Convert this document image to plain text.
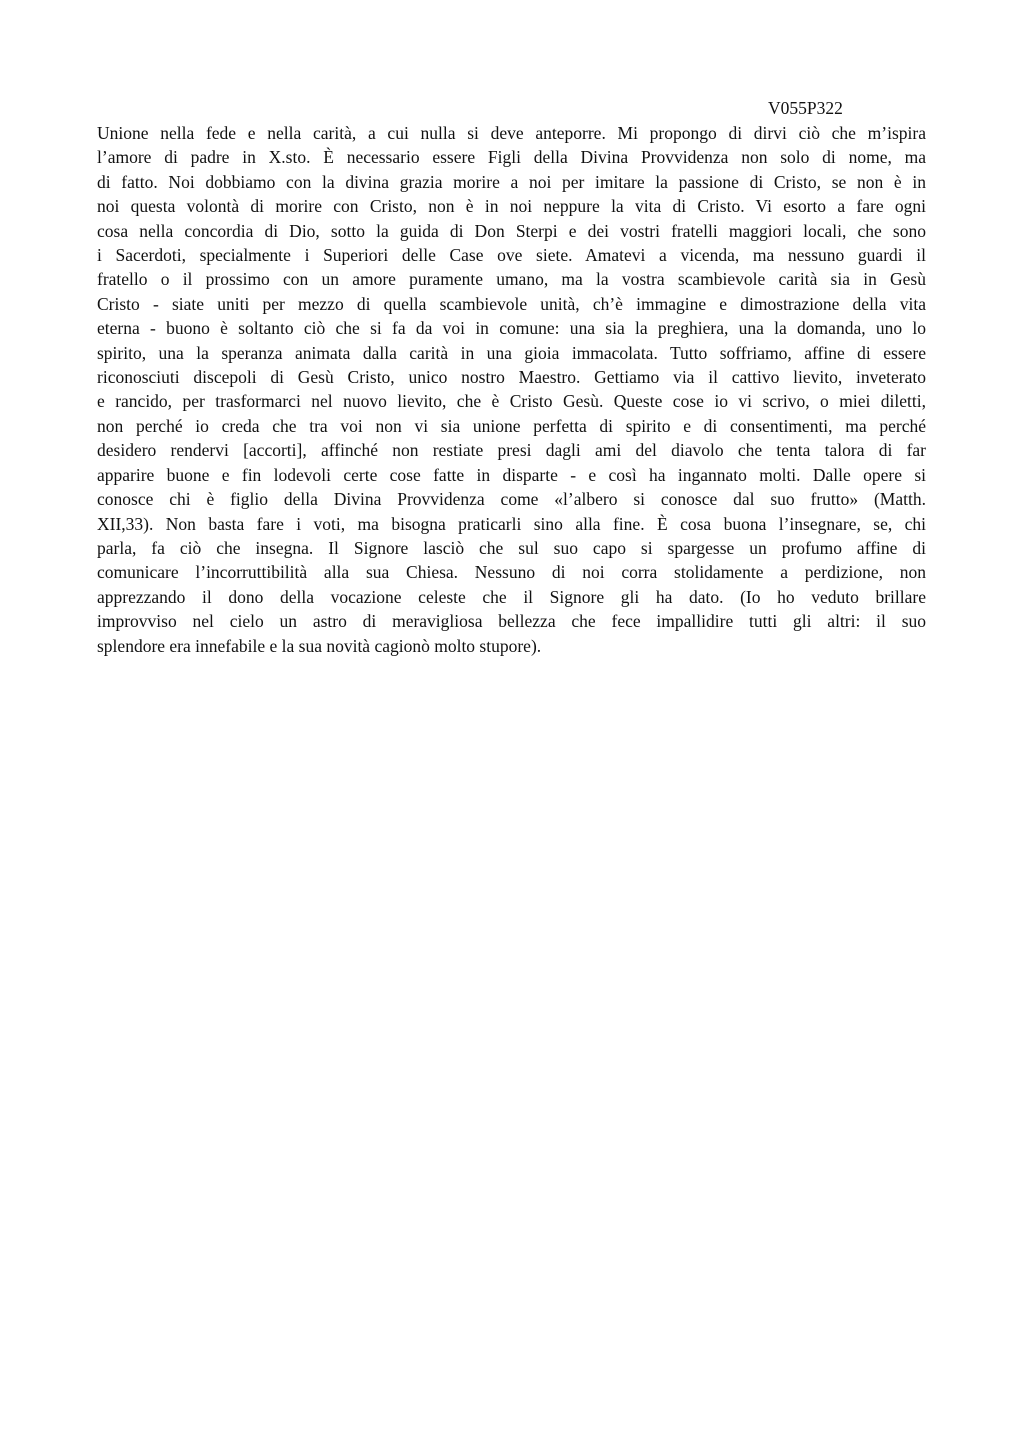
V055P322
Unione nella fede e nella carità, a cui nulla si deve anteporre. Mi propongo di dirvi ciò che m’ispira
l’amore di padre in X.sto. È necessario essere Figli della Divina Provvidenza non solo di nome, ma
di fatto. Noi dobbiamo con la divina grazia morire a noi per imitare la passione di Cristo, se non è in
noi questa volontà di morire con Cristo, non è in noi neppure la vita di Cristo. Vi esorto a fare ogni
cosa nella concordia di Dio, sotto la guida di Don Sterpi e dei vostri fratelli maggiori locali, che sono
i Sacerdoti, specialmente i Superiori delle Case ove siete. Amatevi a vicenda, ma nessuno guardi il
fratello o il prossimo con un amore puramente umano, ma la vostra scambievole carità sia in Gesù
Cristo - siate uniti per mezzo di quella scambievole unità, ch’è immagine e dimostrazione della vita
eterna - buono è soltanto ciò che si fa da voi in comune: una sia la preghiera, una la domanda, uno lo
spirito, una la speranza animata dalla carità in una gioia immacolata. Tutto soffriamo, affine di essere
riconosciuti discepoli di Gesù Cristo, unico nostro Maestro. Gettiamo via il cattivo lievito, inveterato
e rancido, per trasformarci nel nuovo lievito, che è Cristo Gesù. Queste cose io vi scrivo, o miei diletti,
non perché io creda che tra voi non vi sia unione perfetta di spirito e di consentimenti, ma perché
desidero rendervi [accorti], affinché non restiate presi dagli ami del diavolo che tenta talora di far
apparire buone e fin lodevoli certe cose fatte in disparte - e così ha ingannato molti. Dalle opere si
conosce chi è figlio della Divina Provvidenza come «l’albero si conosce dal suo frutto» (Matth.
XII,33). Non basta fare i voti, ma bisogna praticarli sino alla fine. È cosa buona l’insegnare, se, chi
parla, fa ciò che insegna. Il Signore lasciò che sul suo capo si spargesse un profumo affine di
comunicare l’incorruttibilità alla sua Chiesa. Nessuno di noi corra stolidamente a perdizione, non
apprezzando il dono della vocazione celeste che il Signore gli ha dato. (Io ho veduto brillare
improvviso nel cielo un astro di meravigliosa bellezza che fece impallidire tutti gli altri: il suo
splendore era innefabile e la sua novità cagionò molto stupore).
